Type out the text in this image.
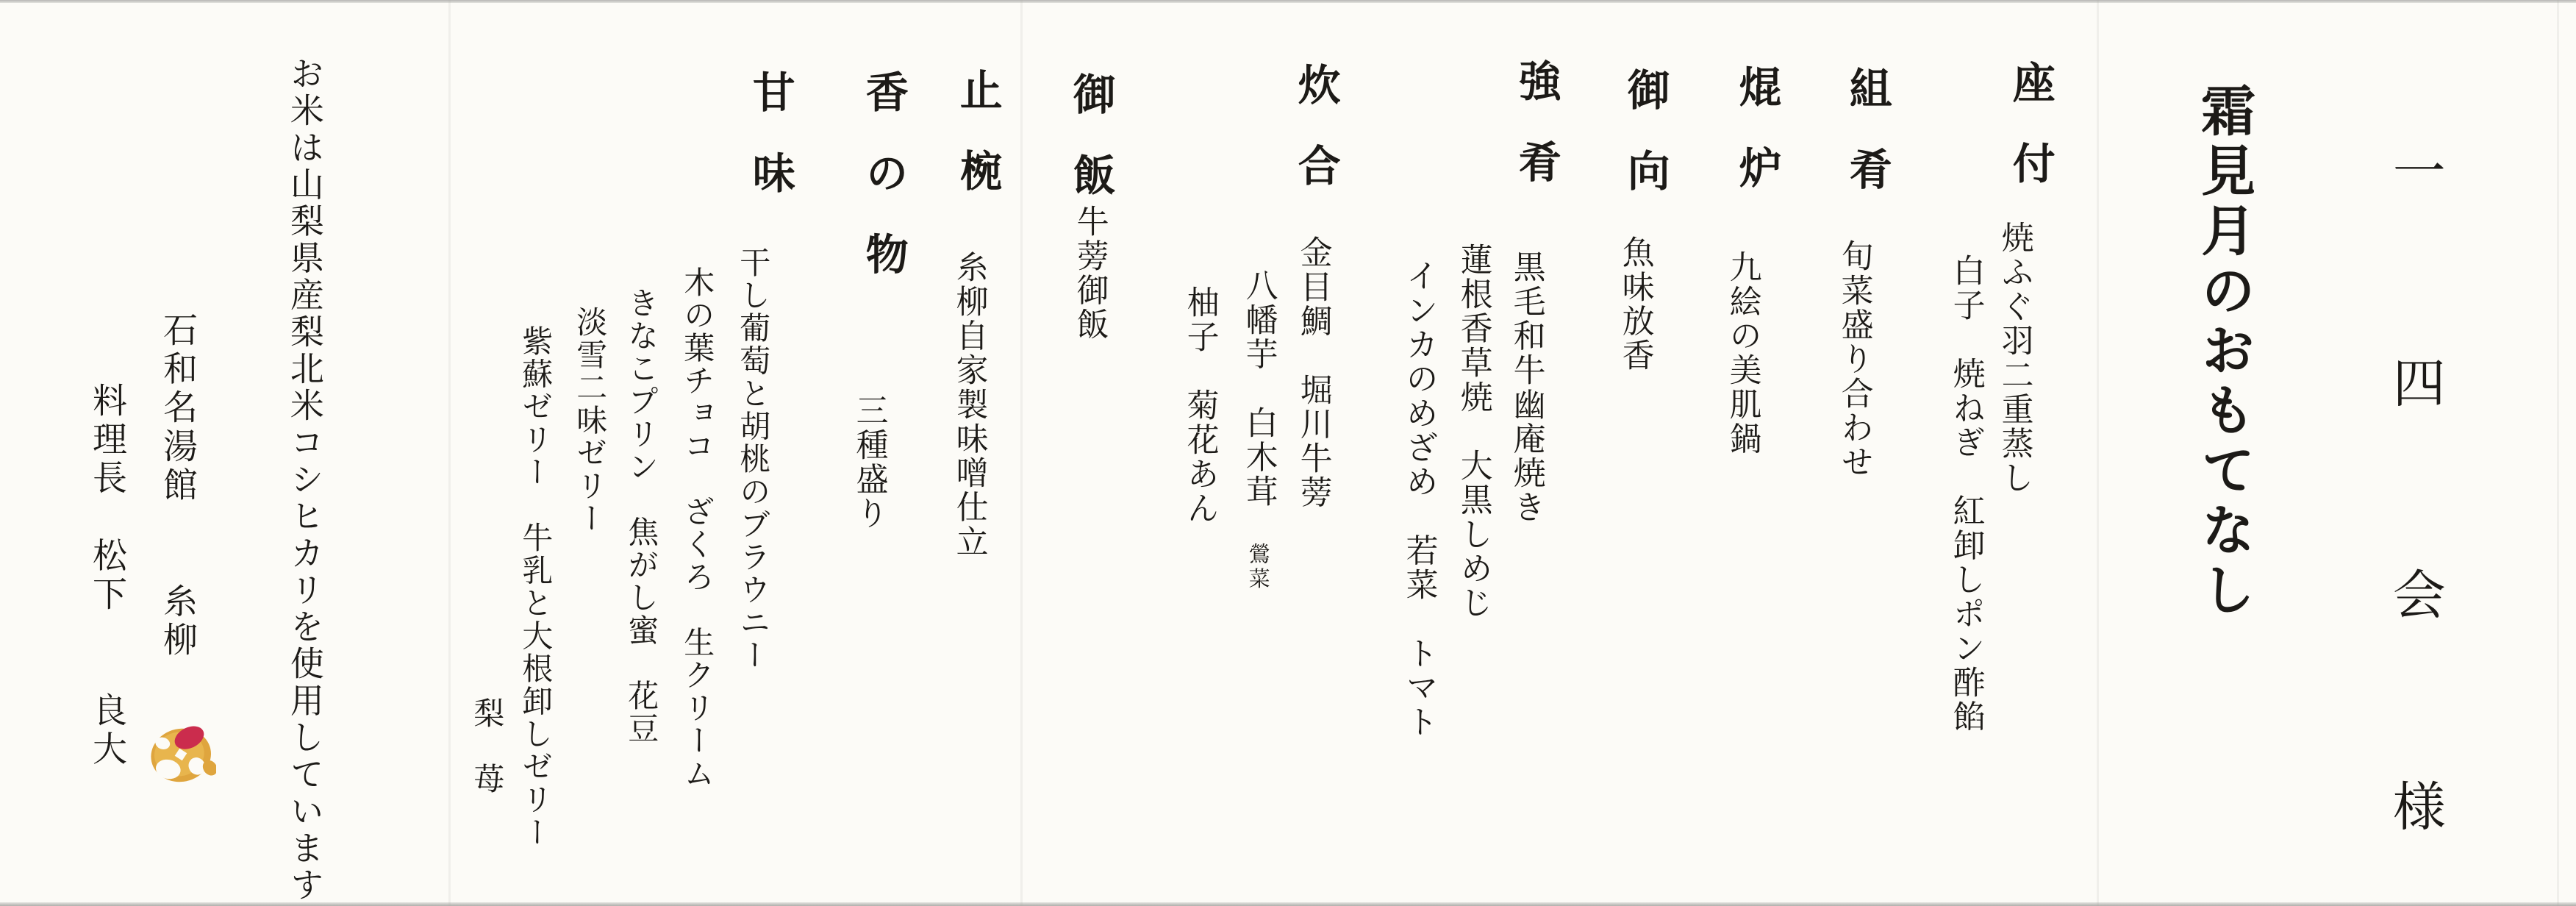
一四会様
霜見月のおもてなし
座付
焼ふぐ羽二重蒸し
白子　焼ねぎ　紅卸しポン酢餡
組肴
旬菜盛り合わせ
焜炉
九絵の美肌鍋
御向
魚味放香
強肴
黒毛和牛幽庵焼き
蓮根香草焼　大黒しめじ
インカのめざめ　若菜　トマト
炊合
金目鯛　堀川牛蒡
八幡芋　白木茸　鶯菜
柚子　菊花あん
御飯
牛蒡御飯
止椀
糸柳自家製味噌仕立
香の物
三種盛り
甘味
干し葡萄と胡桃のブラウニー
木の葉チョコ　ざくろ　生クリーム
きなこプリン　焦がし蜜　花豆
淡雪二味ゼリー
紫蘇ゼリー　牛乳と大根卸しゼリー
梨　苺
お米は山梨県産梨北米コシヒカリを使用しています
石和名湯館　　糸柳
料理長　松下　　良大
